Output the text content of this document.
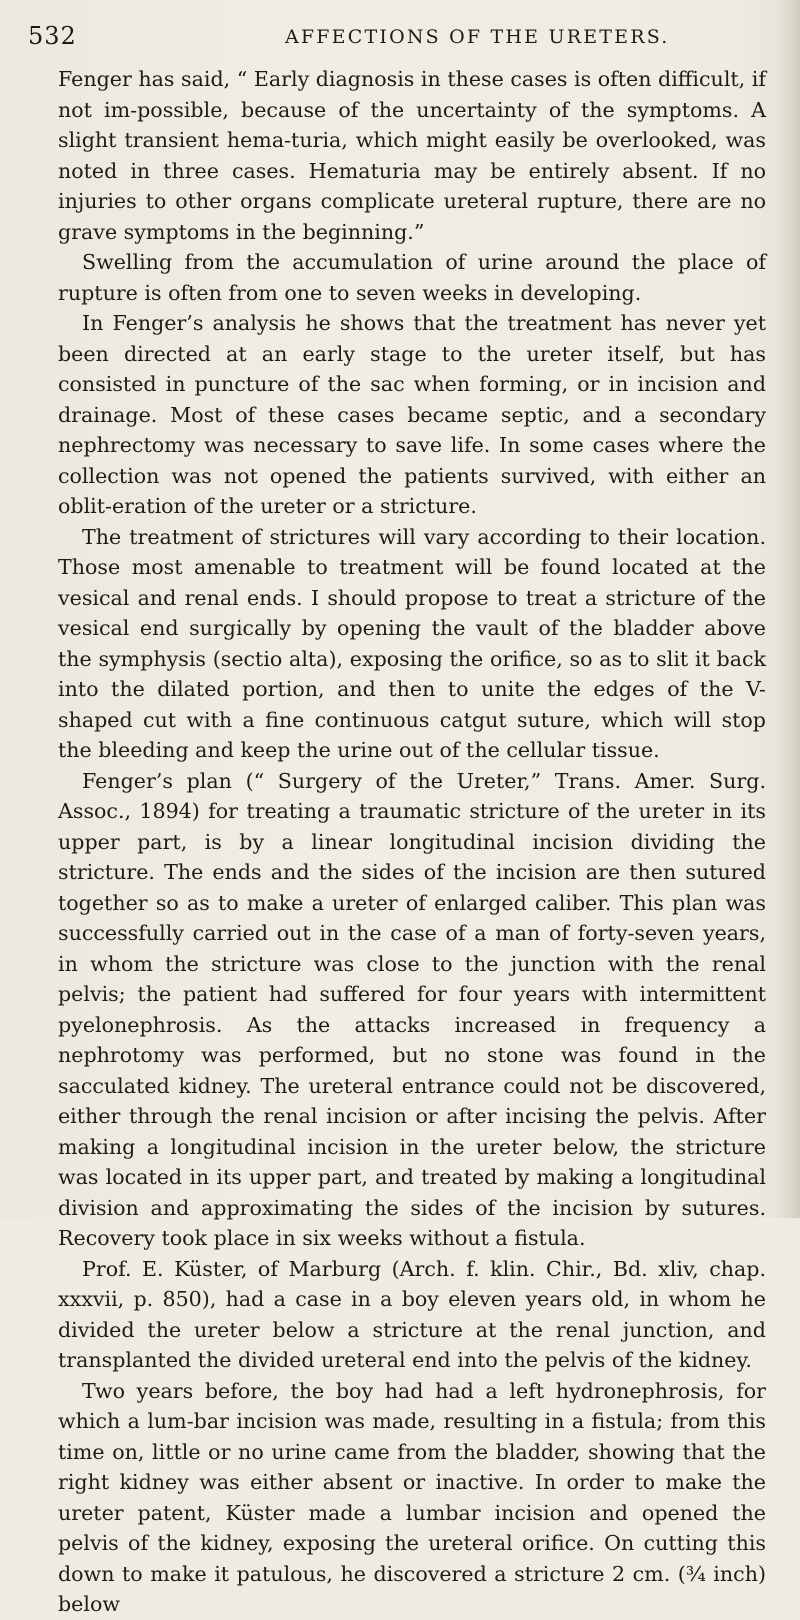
532	AFFECTIONS OF THE URETERS.

Fenger has said, “ Early diagnosis in these cases is often difficult, if not im-possible, because of the uncertainty of the symptoms. A slight transient hema-turia, which might easily be overlooked, was noted in three cases. Hematuria may be entirely absent. If no injuries to other organs complicate ureteral rupture, there are no grave symptoms in the beginning.”

Swelling from the accumulation of urine around the place of rupture is often from one to seven weeks in developing.

In Fenger’s analysis he shows that the treatment has never yet been directed at an early stage to the ureter itself, but has consisted in puncture of the sac when forming, or in incision and drainage. Most of these cases became septic, and a secondary nephrectomy was necessary to save life. In some cases where the collection was not opened the patients survived, with either an oblit-eration of the ureter or a stricture.

The treatment of strictures will vary according to their location. Those most amenable to treatment will be found located at the vesical and renal ends. I should propose to treat a stricture of the vesical end surgically by opening the vault of the bladder above the symphysis (sectio alta), exposing the orifice, so as to slit it back into the dilated portion, and then to unite the edges of the V-shaped cut with a fine continuous catgut suture, which will stop the bleeding and keep the urine out of the cellular tissue.

Fenger’s plan (“ Surgery of the Ureter,” Trans. Amer. Surg. Assoc., 1894) for treating a traumatic stricture of the ureter in its upper part, is by a linear longitudinal incision dividing the stricture. The ends and the sides of the incision are then sutured together so as to make a ureter of enlarged caliber. This plan was successfully carried out in the case of a man of forty-seven years, in whom the stricture was close to the junction with the renal pelvis; the patient had suffered for four years with intermittent pyelonephrosis. As the attacks increased in frequency a nephrotomy was performed, but no stone was found in the sacculated kidney. The ureteral entrance could not be discovered, either through the renal incision or after incising the pelvis. After making a longitudinal incision in the ureter below, the stricture was located in its upper part, and treated by making a longitudinal division and approximating the sides of the incision by sutures. Recovery took place in six weeks without a fistula.

Prof. E. Küster, of Marburg (Arch. f. klin. Chir., Bd. xliv, chap. xxxvii, p. 850), had a case in a boy eleven years old, in whom he divided the ureter below a stricture at the renal junction, and transplanted the divided ureteral end into the pelvis of the kidney.

Two years before, the boy had had a left hydronephrosis, for which a lum-bar incision was made, resulting in a fistula; from this time on, little or no urine came from the bladder, showing that the right kidney was either absent or inactive. In order to make the ureter patent, Küster made a lumbar incision and opened the pelvis of the kidney, exposing the ureteral orifice. On cutting this down to make it patulous, he discovered a stricture 2 cm. (¾ inch) below
